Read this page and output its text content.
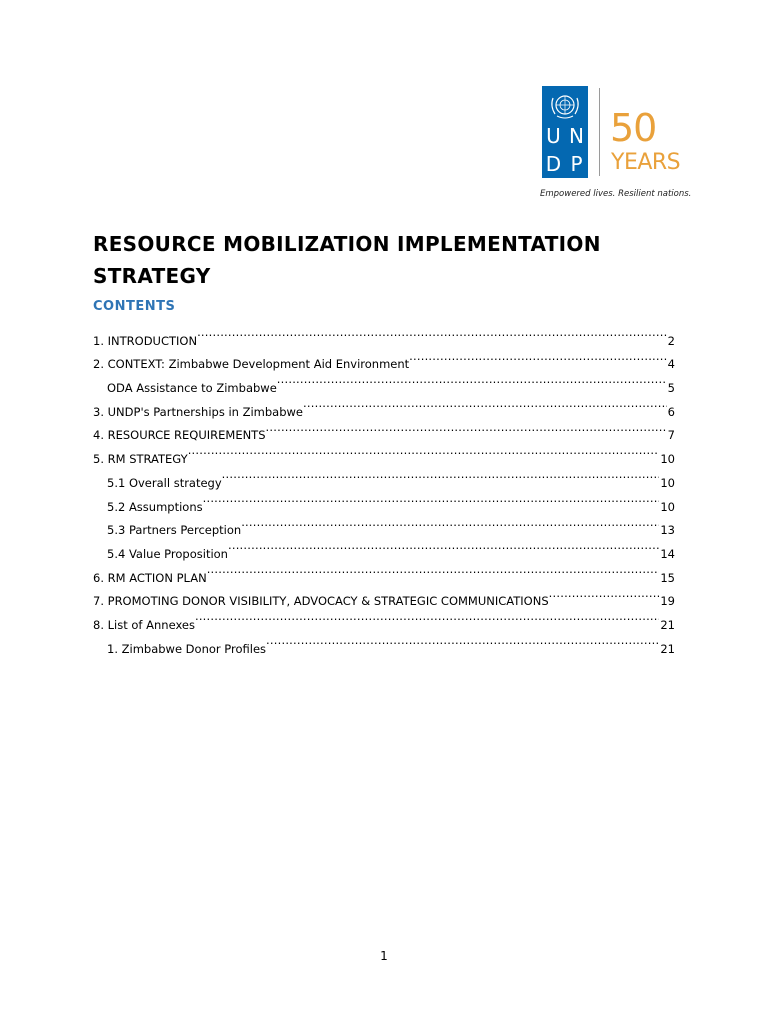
U N
D P
50
YEARS
Empowered lives. Resilient nations.
RESOURCE MOBILIZATION IMPLEMENTATION STRATEGY
CONTENTS
1. INTRODUCTION .....	2
2. CONTEXT: Zimbabwe Development Aid Environment .....	4
ODA Assistance to Zimbabwe .....	5
3. UNDP's Partnerships in Zimbabwe .....	6
4. RESOURCE REQUIREMENTS .....	7
5. RM STRATEGY .....	10
5.1 Overall strategy .....	10
5.2 Assumptions .....	10
5.3 Partners Perception .....	13
5.4 Value Proposition .....	14
6. RM ACTION PLAN .....	15
7. PROMOTING DONOR VISIBILITY, ADVOCACY & STRATEGIC COMMUNICATIONS .....	19
8. List of Annexes .....	21
1. Zimbabwe Donor Profiles .....	21
1
